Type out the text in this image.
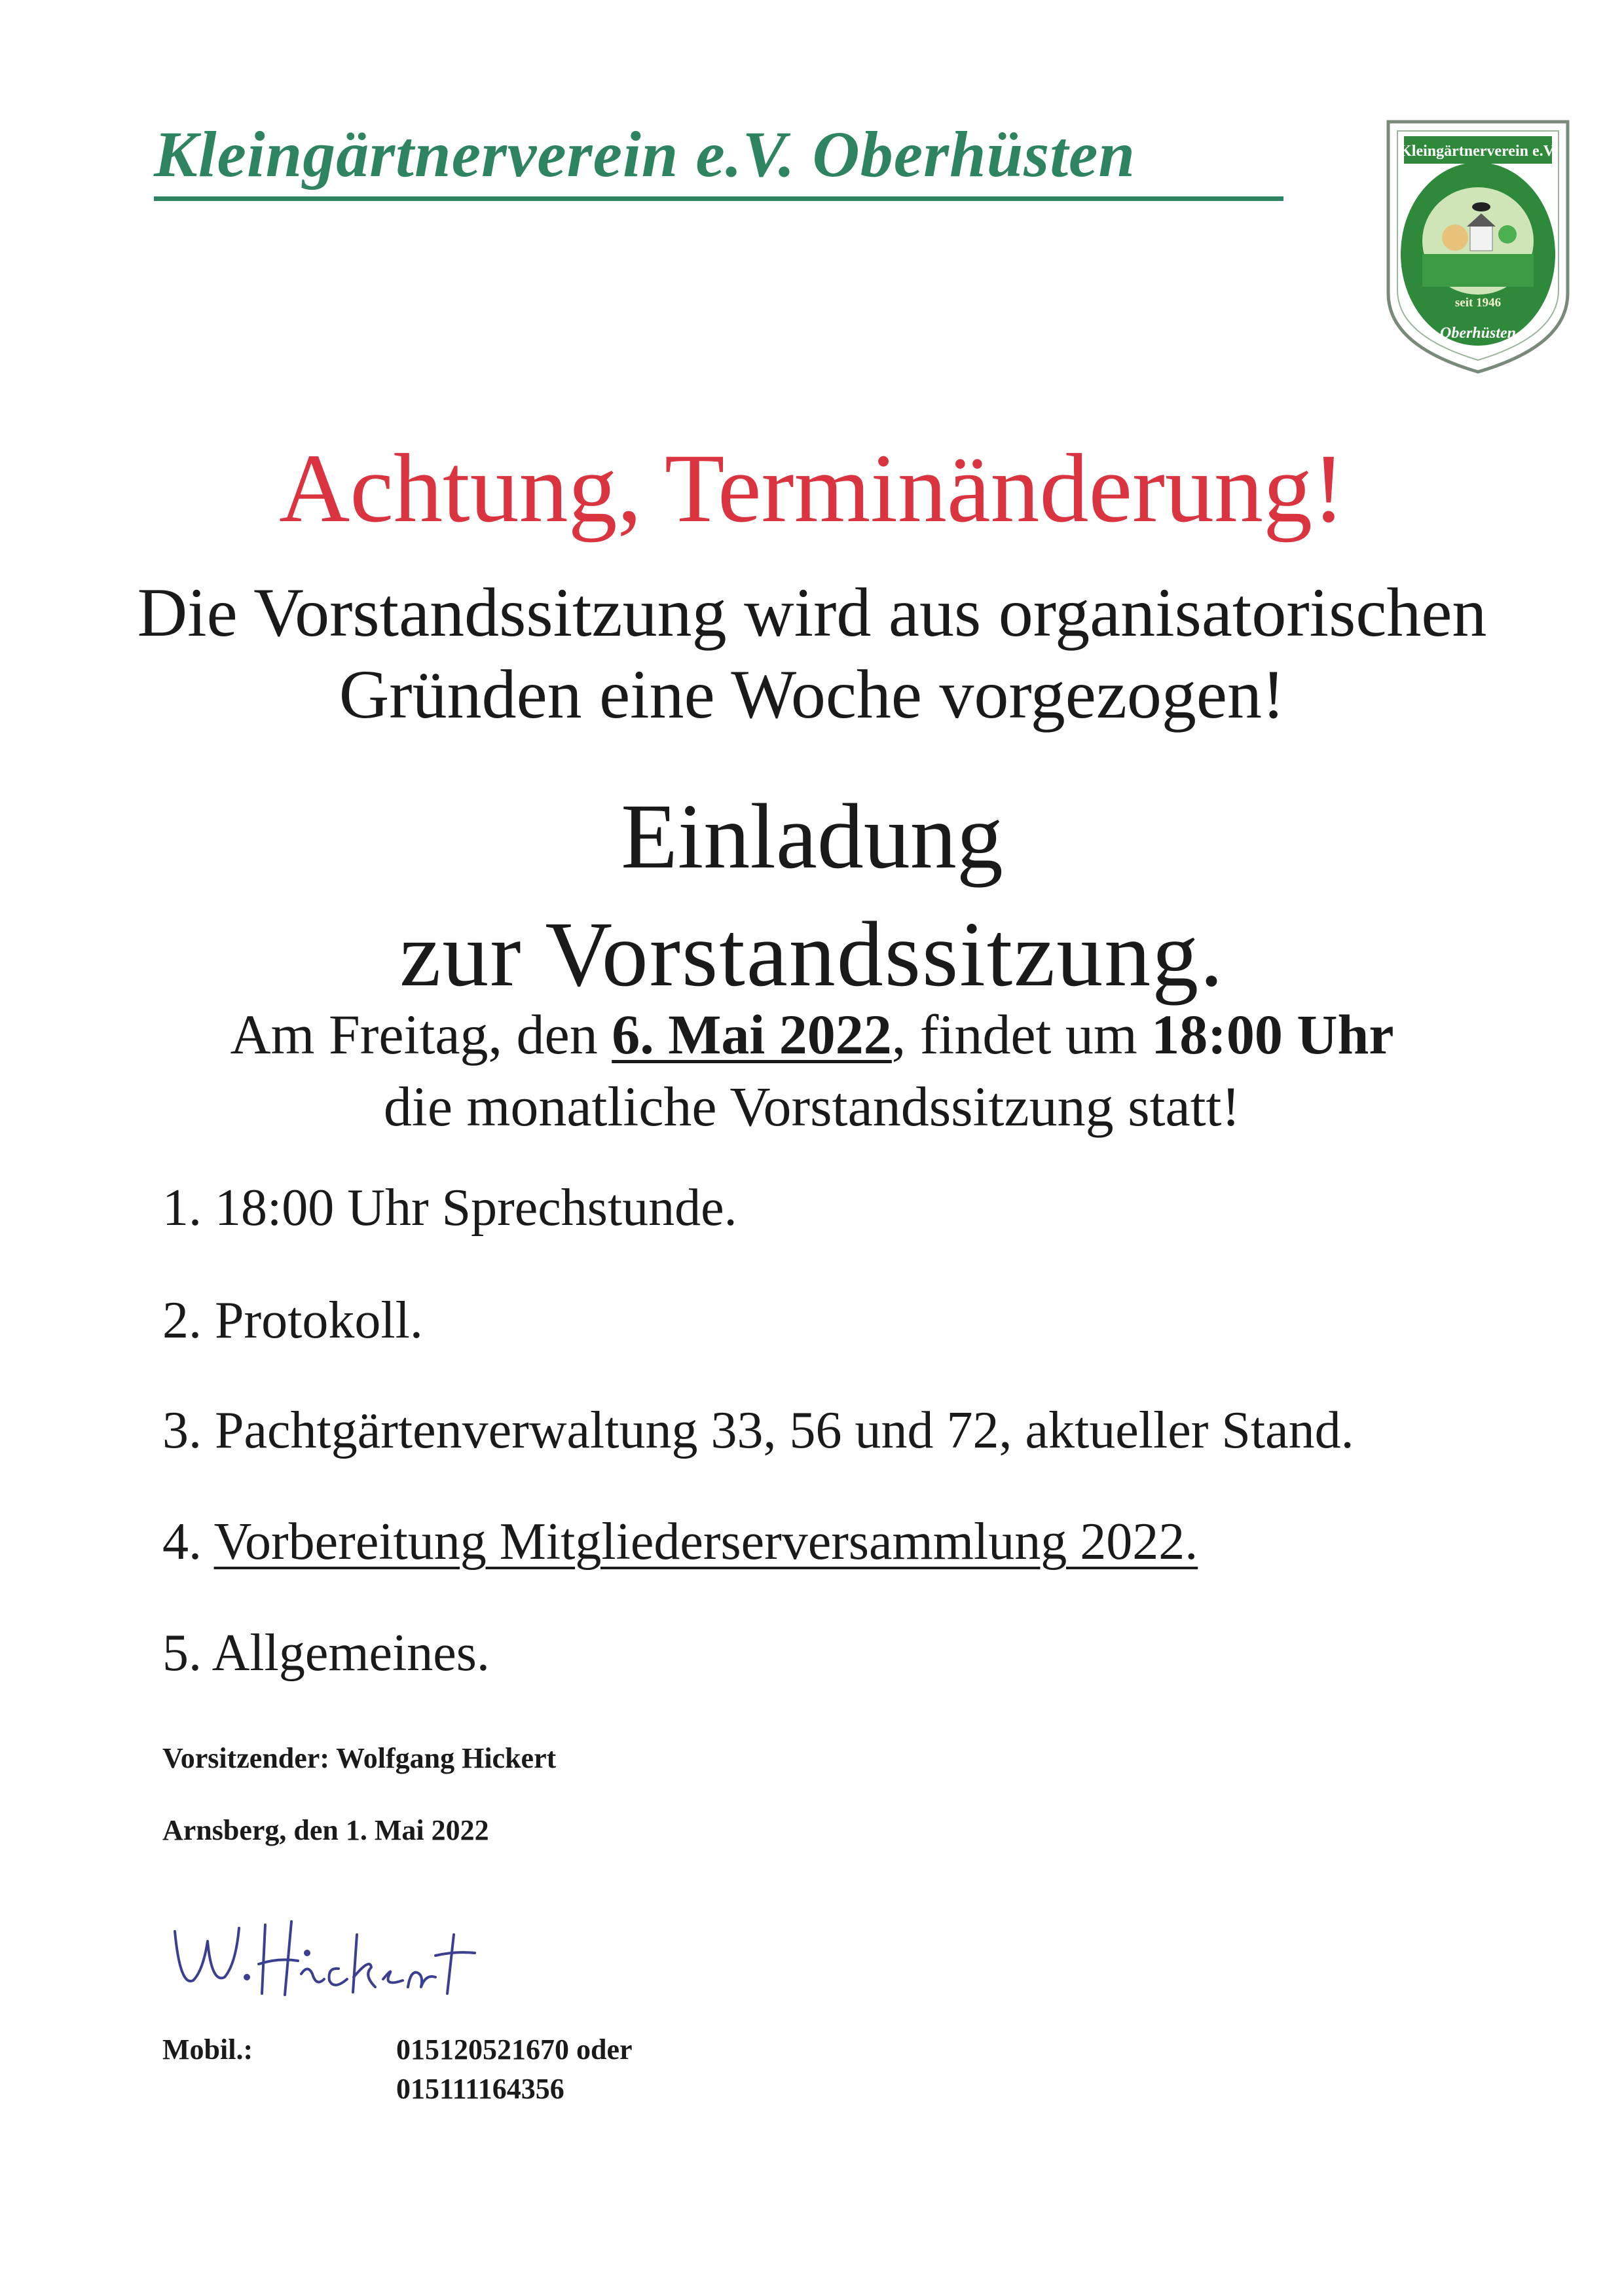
Kleingärtnerverein e.V. Oberhüsten	Kleingärtnerverein e.V.
seit 1946
Oberhüsten
Achtung, Terminänderung!
Die Vorstandssitzung wird aus organisatorischen
Gründen eine Woche vorgezogen!
Einladung
zur Vorstandssitzung.
Am Freitag, den 6. Mai 2022, findet um 18:00 Uhr
die monatliche Vorstandssitzung statt!
1. 18:00 Uhr Sprechstunde.
2. Protokoll.
3. Pachtgärtenverwaltung 33, 56 und 72, aktueller Stand.
4. Vorbereitung Mitgliederserversammlung 2022.
5. Allgemeines.
Vorsitzender: Wolfgang Hickert
Arnsberg, den 1. Mai 2022
Mobil.:	015120521670 oder
015111164356
